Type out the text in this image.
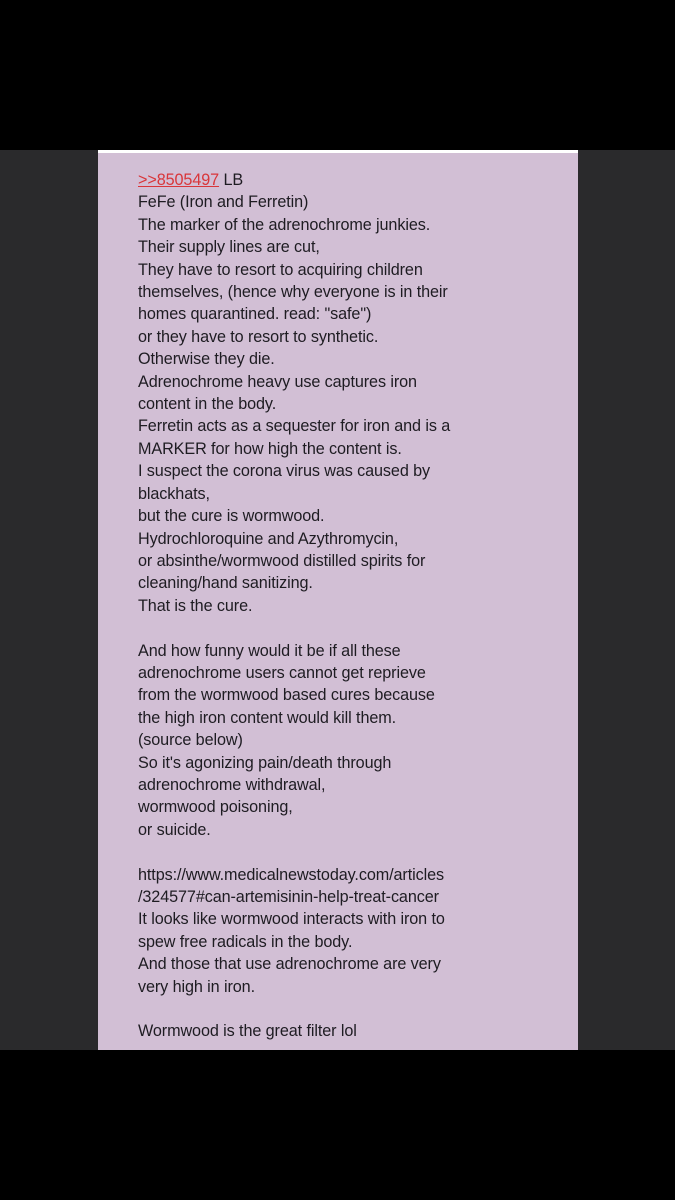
>>8505497 LB
FeFe (Iron and Ferretin)
The marker of the adrenochrome junkies.
Their supply lines are cut,
They have to resort to acquiring children
themselves, (hence why everyone is in their
homes quarantined. read: "safe")
or they have to resort to synthetic.
Otherwise they die.
Adrenochrome heavy use captures iron
content in the body.
Ferretin acts as a sequester for iron and is a
MARKER for how high the content is.
I suspect the corona virus was caused by
blackhats,
but the cure is wormwood.
Hydrochloroquine and Azythromycin,
or absinthe/wormwood distilled spirits for
cleaning/hand sanitizing.
That is the cure.
And how funny would it be if all these
adrenochrome users cannot get reprieve
from the wormwood based cures because
the high iron content would kill them.
(source below)
So it's agonizing pain/death through
adrenochrome withdrawal,
wormwood poisoning,
or suicide.
https://www.medicalnewstoday.com/articles
/324577#can-artemisinin-help-treat-cancer
It looks like wormwood interacts with iron to
spew free radicals in the body.
And those that use adrenochrome are very
very high in iron.
Wormwood is the great filter lol
